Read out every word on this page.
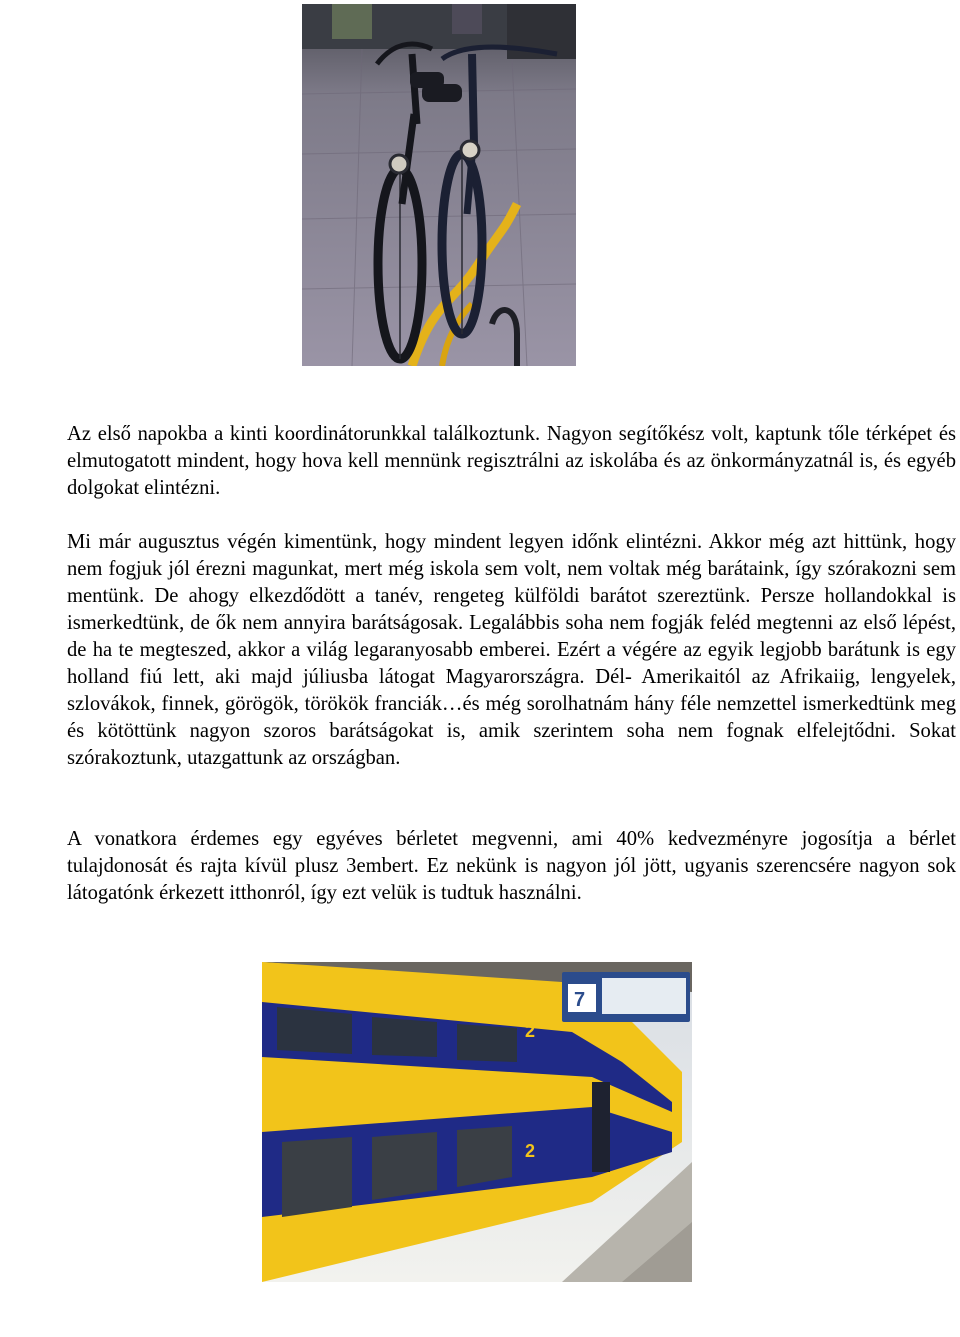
Az első napokba a kinti koordinátorunkkal találkoztunk. Nagyon segítőkész volt, kaptunk tőle térképet és elmutogatott mindent, hogy hova kell mennünk regisztrálni az iskolába és az önkormányzatnál is, és egyéb dolgokat elintézni.

Mi már augusztus végén kimentünk, hogy mindent legyen időnk elintézni. Akkor még azt hittünk, hogy nem fogjuk jól érezni magunkat, mert még iskola sem volt, nem voltak még barátaink, így szórakozni sem mentünk. De ahogy elkezdődött a tanév, rengeteg külföldi barátot szereztünk. Persze hollandokkal is ismerkedtünk, de ők nem annyira barátságosak. Legalábbis soha nem fogják feléd megtenni az első lépést, de ha te megteszed, akkor a világ legaranyosabb emberei. Ezért a végére az egyik legjobb barátunk is egy holland fiú lett, aki majd júliusba látogat Magyarországra. Dél- Amerikaitól az Afrikaiig, lengyelek, szlovákok, finnek, görögök, törökök franciák…és még sorolhatnám hány féle nemzettel ismerkedtünk meg és kötöttünk nagyon szoros barátságokat is, amik szerintem soha nem fognak elfelejtődni. Sokat szórakoztunk, utazgattunk az országban.

A vonatkora érdemes egy egyéves bérletet megvenni, ami 40% kedvezményre jogosítja a bérlet tulajdonosát és rajta kívül plusz 3embert. Ez nekünk is nagyon jól jött, ugyanis szerencsére nagyon sok látogatónk érkezett itthonról, így ezt velük is tudtuk használni.

2
2
7
